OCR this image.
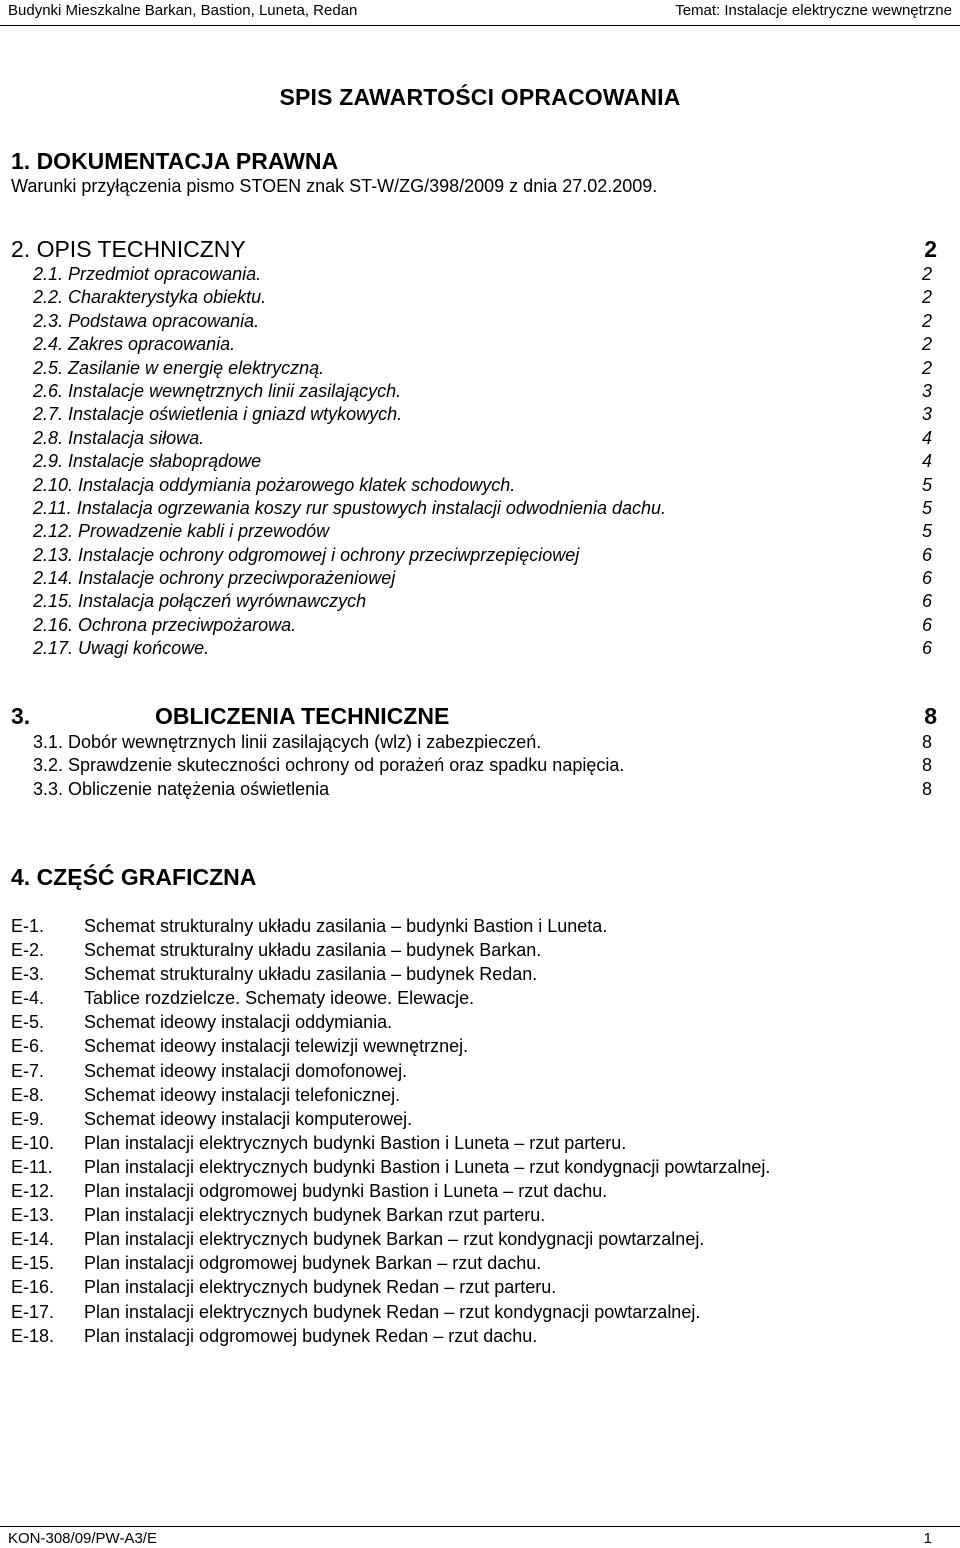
Budynki Mieszkalne Barkan, Bastion, Luneta, Redan	Temat: Instalacje elektryczne wewnętrzne
SPIS ZAWARTOŚCI OPRACOWANIA
1. DOKUMENTACJA PRAWNA
Warunki przyłączenia pismo STOEN znak ST-W/ZG/398/2009 z dnia 27.02.2009.
2. OPIS TECHNICZNY	2
2.1. Przedmiot opracowania.	2
2.2. Charakterystyka obiektu.	2
2.3. Podstawa opracowania.	2
2.4. Zakres opracowania.	2
2.5. Zasilanie w energię elektryczną.	2
2.6. Instalacje wewnętrznych linii zasilających.	3
2.7. Instalacje oświetlenia i gniazd wtykowych.	3
2.8. Instalacja siłowa.	4
2.9. Instalacje słaboprądowe	4
2.10. Instalacja oddymiania pożarowego klatek schodowych.	5
2.11. Instalacja ogrzewania koszy rur spustowych instalacji odwodnienia dachu.	5
2.12. Prowadzenie kabli i przewodów	5
2.13. Instalacje ochrony odgromowej i ochrony przeciwprzepięciowej	6
2.14. Instalacje ochrony przeciwporażeniowej	6
2.15. Instalacja połączeń wyrównawczych	6
2.16. Ochrona przeciwpożarowa.	6
2.17. Uwagi końcowe.	6
3.	OBLICZENIA TECHNICZNE	8
3.1. Dobór wewnętrznych linii zasilających (wlz) i zabezpieczeń.	8
3.2. Sprawdzenie skuteczności ochrony od porażeń oraz spadku napięcia.	8
3.3. Obliczenie natężenia oświetlenia	8
4. CZĘŚĆ GRAFICZNA
E-1. Schemat strukturalny układu zasilania – budynki Bastion i Luneta.
E-2. Schemat strukturalny układu zasilania – budynek Barkan.
E-3. Schemat strukturalny układu zasilania – budynek Redan.
E-4. Tablice rozdzielcze. Schematy ideowe. Elewacje.
E-5. Schemat ideowy instalacji oddymiania.
E-6. Schemat ideowy instalacji telewizji wewnętrznej.
E-7. Schemat ideowy instalacji domofonowej.
E-8. Schemat ideowy instalacji telefonicznej.
E-9. Schemat ideowy instalacji komputerowej.
E-10. Plan instalacji elektrycznych budynki Bastion i Luneta – rzut parteru.
E-11. Plan instalacji elektrycznych budynki Bastion i Luneta – rzut kondygnacji powtarzalnej.
E-12. Plan instalacji odgromowej budynki Bastion i Luneta – rzut dachu.
E-13. Plan instalacji elektrycznych budynek Barkan rzut parteru.
E-14. Plan instalacji elektrycznych budynek Barkan – rzut kondygnacji powtarzalnej.
E-15. Plan instalacji odgromowej budynek Barkan – rzut dachu.
E-16. Plan instalacji elektrycznych budynek Redan – rzut parteru.
E-17. Plan instalacji elektrycznych budynek Redan – rzut kondygnacji powtarzalnej.
E-18. Plan instalacji odgromowej budynek Redan – rzut dachu.
KON-308/09/PW-A3/E	1
